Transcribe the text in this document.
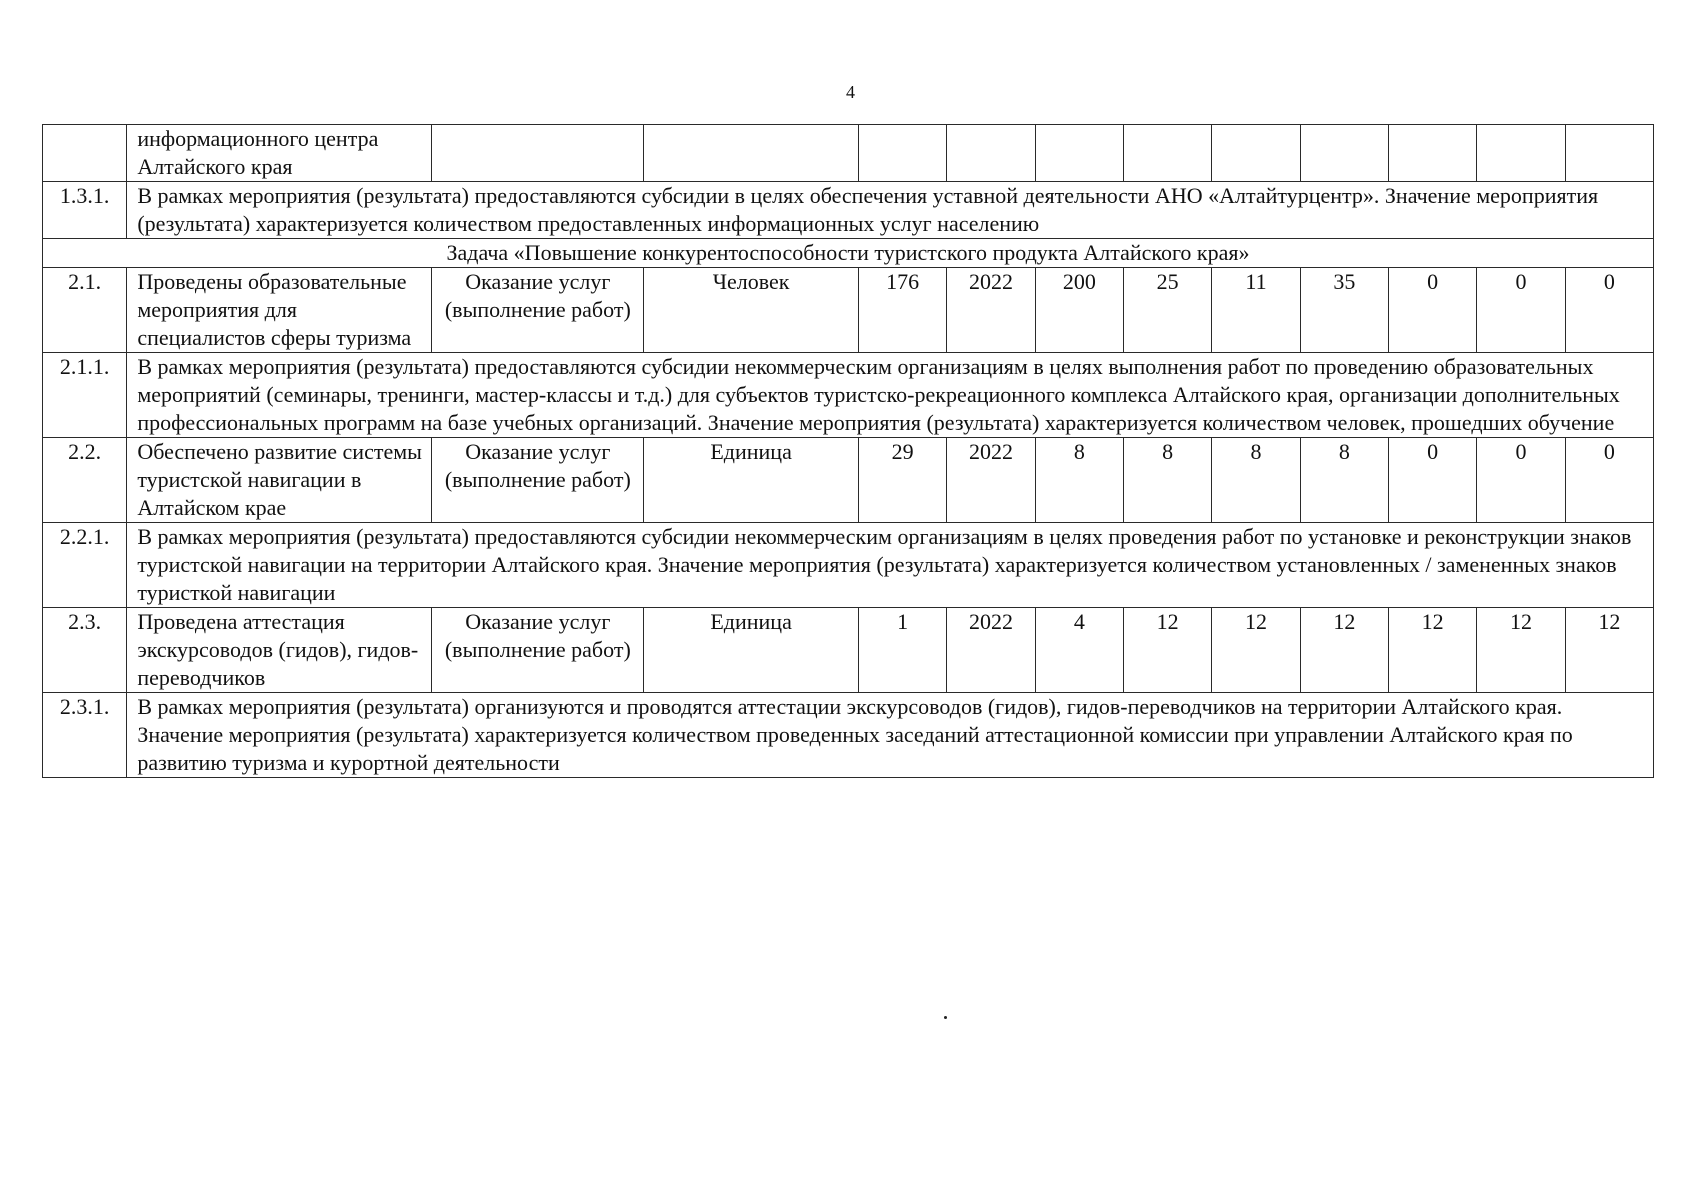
4
	информационного центра Алтайского края											
1.3.1.	В рамках мероприятия (результата) предоставляются субсидии в целях обеспечения уставной деятельности АНО «Алтайтурцентр». Значение мероприятия (результата) характеризуется количеством предоставленных информационных услуг населению											
Задача «Повышение конкурентоспособности туристского продукта Алтайского края»												
2.1.	Проведены образовательные мероприятия для специалистов сферы туризма	Оказание услуг (выполнение работ)	Человек	176	2022	200	25	11	35	0	0	0
2.1.1.	В рамках мероприятия (результата) предоставляются субсидии некоммерческим организациям в целях выполнения работ по проведению образовательных мероприятий (семинары, тренинги, мастер-классы и т.д.) для субъектов туристско-рекреационного комплекса Алтайского края, организации дополнительных профессиональных программ на базе учебных организаций. Значение мероприятия (результата) характеризуется количеством человек, прошедших обучение											
2.2.	Обеспечено развитие системы туристской навигации в Алтайском крае	Оказание услуг (выполнение работ)	Единица	29	2022	8	8	8	8	0	0	0
2.2.1.	В рамках мероприятия (результата) предоставляются субсидии некоммерческим организациям в целях проведения работ по установке и реконструкции знаков туристской навигации на территории Алтайского края. Значение мероприятия (результата) характеризуется количеством установленных / замененных знаков туристкой навигации											
2.3.	Проведена аттестация экскурсоводов (гидов), гидов-переводчиков	Оказание услуг (выполнение работ)	Единица	1	2022	4	12	12	12	12	12	12
2.3.1.	В рамках мероприятия (результата) организуются и проводятся аттестации экскурсоводов (гидов), гидов-переводчиков на территории Алтайского края. Значение мероприятия (результата) характеризуется количеством проведенных заседаний аттестационной комиссии при управлении Алтайского края по развитию туризма и курортной деятельности											
